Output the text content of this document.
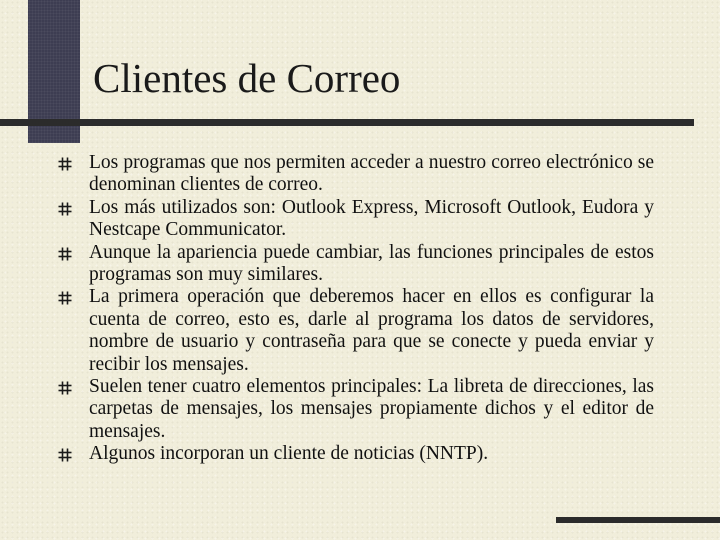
Clientes de Correo
Los programas que nos permiten acceder a nuestro correo electrónico se denominan clientes de correo.
Los más utilizados son: Outlook Express, Microsoft Outlook, Eudora y Nestcape Communicator.
Aunque la apariencia puede cambiar, las funciones principales de estos programas son muy similares.
La primera operación que deberemos hacer en ellos es configurar la cuenta de correo, esto es, darle al programa los datos de servidores, nombre de usuario y contraseña para que se conecte y pueda enviar y recibir los mensajes.
Suelen tener cuatro elementos principales: La libreta de direcciones, las carpetas de mensajes, los mensajes propiamente dichos y el editor de mensajes.
Algunos incorporan un cliente de noticias (NNTP).
